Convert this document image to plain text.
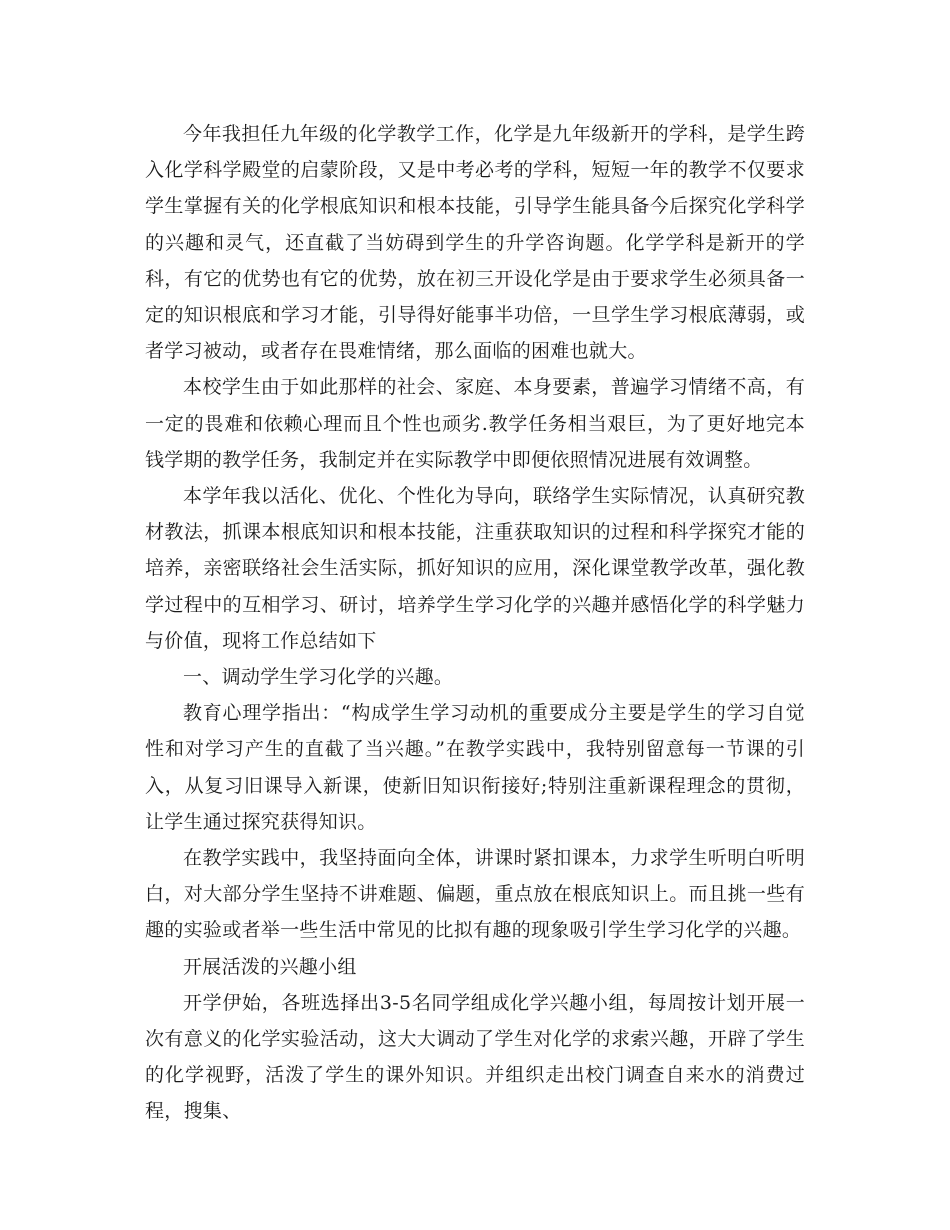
今年我担任九年级的化学教学工作，化学是九年级新开的学科，是学生跨入化学科学殿堂的启蒙阶段，又是中考必考的学科，短短一年的教学不仅要求学生掌握有关的化学根底知识和根本技能，引导学生能具备今后探究化学科学的兴趣和灵气，还直截了当妨碍到学生的升学咨询题。化学学科是新开的学科，有它的优势也有它的优势，放在初三开设化学是由于要求学生必须具备一定的知识根底和学习才能，引导得好能事半功倍，一旦学生学习根底薄弱，或者学习被动，或者存在畏难情绪，那么面临的困难也就大。

本校学生由于如此那样的社会、家庭、本身要素，普遍学习情绪不高，有一定的畏难和依赖心理而且个性也顽劣.教学任务相当艰巨，为了更好地完本钱学期的教学任务，我制定并在实际教学中即便依照情况进展有效调整。

本学年我以活化、优化、个性化为导向，联络学生实际情况，认真研究教材教法，抓课本根底知识和根本技能，注重获取知识的过程和科学探究才能的培养，亲密联络社会生活实际，抓好知识的应用，深化课堂教学改革，强化教学过程中的互相学习、研讨，培养学生学习化学的兴趣并感悟化学的科学魅力与价值，现将工作总结如下

一、调动学生学习化学的兴趣。

教育心理学指出：“构成学生学习动机的重要成分主要是学生的学习自觉性和对学习产生的直截了当兴趣。”在教学实践中，我特别留意每一节课的引入，从复习旧课导入新课，使新旧知识衔接好;特别注重新课程理念的贯彻，让学生通过探究获得知识。

在教学实践中，我坚持面向全体，讲课时紧扣课本，力求学生听明白听明白，对大部分学生坚持不讲难题、偏题，重点放在根底知识上。而且挑一些有趣的实验或者举一些生活中常见的比拟有趣的现象吸引学生学习化学的兴趣。

开展活泼的兴趣小组

开学伊始，各班选择出3-5名同学组成化学兴趣小组，每周按计划开展一次有意义的化学实验活动，这大大调动了学生对化学的求索兴趣，开辟了学生的化学视野，活泼了学生的课外知识。并组织走出校门调查自来水的消费过程，搜集、
